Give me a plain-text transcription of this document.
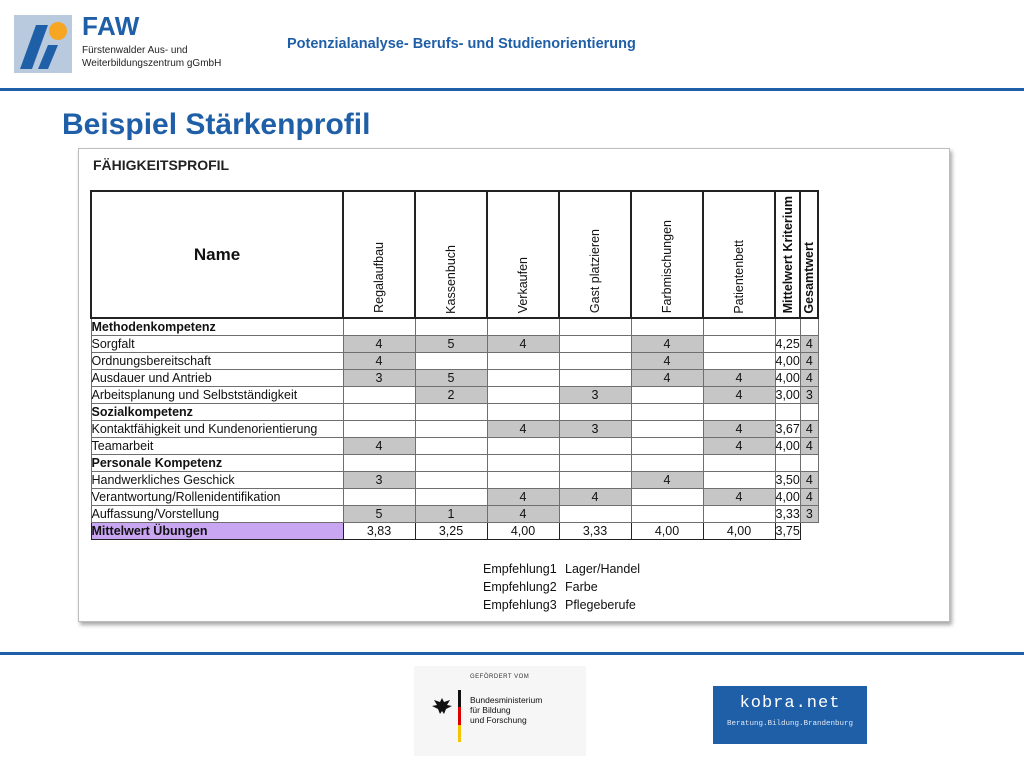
FAW
Fürstenwalder Aus- und
Weiterbildungszentrum gGmbH
Potenzialanalyse- Berufs- und Studienorientierung
Beispiel Stärkenprofil
FÄHIGKEITSPROFIL
Name	Regalaufbau	Kassenbuch	Verkaufen	Gast platzieren	Farbmischungen	Patientenbett	Mittelwert Kriterium	Gesamtwert
Methodenkompetenz								
Sorgfalt	4	5	4		4		4,25	4
Ordnungsbereitschaft	4				4		4,00	4
Ausdauer und Antrieb	3	5			4	4	4,00	4
Arbeitsplanung und Selbstständigkeit		2		3		4	3,00	3
Sozialkompetenz								
Kontaktfähigkeit und Kundenorientierung			4	3		4	3,67	4
Teamarbeit	4					4	4,00	4
Personale Kompetenz								
Handwerkliches Geschick	3				4		3,50	4
Verantwortung/Rollenidentifikation			4	4		4	4,00	4
Auffassung/Vorstellung	5	1	4				3,33	3
Mittelwert Übungen	3,83	3,25	4,00	3,33	4,00	4,00	3,75	
Empfehlung1 Lager/Handel
Empfehlung2 Farbe
Empfehlung3 Pflegeberufe
GEFÖRDERT VOM
Bundesministerium
für Bildung
und Forschung
kobra.net
Beratung.Bildung.Brandenburg
